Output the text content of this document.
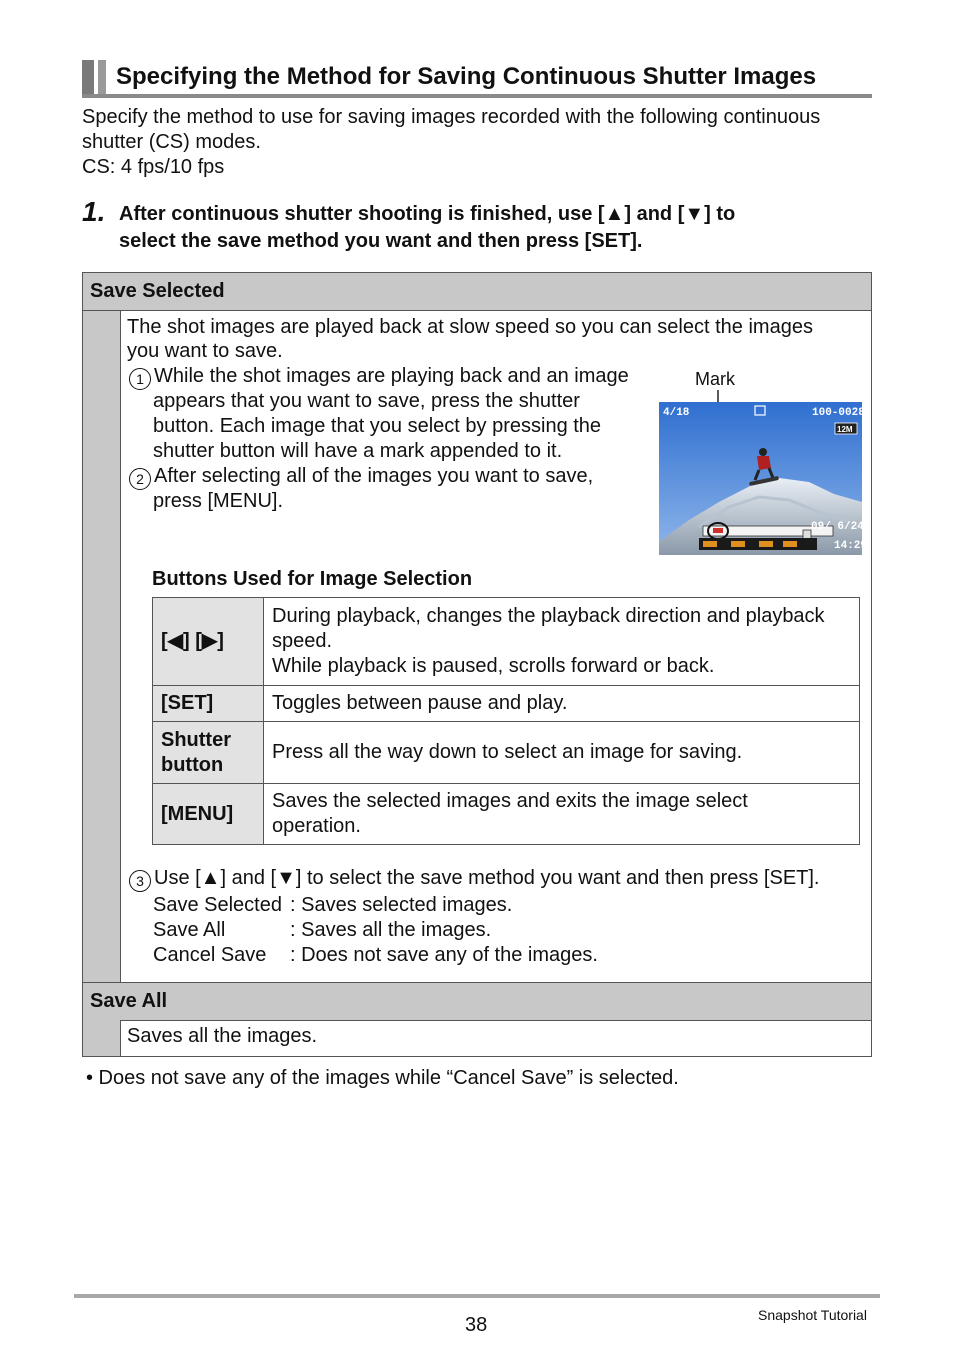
Specifying the Method for Saving Continuous Shutter Images
Specify the method to use for saving images recorded with the following continuous
shutter (CS) modes.
CS: 4 fps/10 fps
1. After continuous shutter shooting is finished, use [▲] and [▼] to
select the save method you want and then press [SET].
Save Selected
Save All
The shot images are played back at slow speed so you can select the images
you want to save.
1 While the shot images are playing back and an image
appears that you want to save, press the shutter
button. Each image that you select by pressing the
shutter button will have a mark appended to it.
2 After selecting all of the images you want to save,
press [MENU].
Mark
4/18	100-0028
12M
09/ 6/24
14:29
Buttons Used for Image Selection
[◀] [▶]	During playback, changes the playback direction and playback
speed.
While playback is paused, scrolls forward or back.

[SET]	Toggles between pause and play.

Shutter
button	Press all the way down to select an image for saving.
[MENU]	Saves the selected images and exits the image select
operation.
3 Use [▲] and [▼] to select the save method you want and then press [SET].
Save Selected : Saves selected images.
Save All	: Saves all the images.
Cancel Save : Does not save any of the images.
Saves all the images.
• Does not save any of the images while “Cancel Save” is selected.
38	Snapshot Tutorial
